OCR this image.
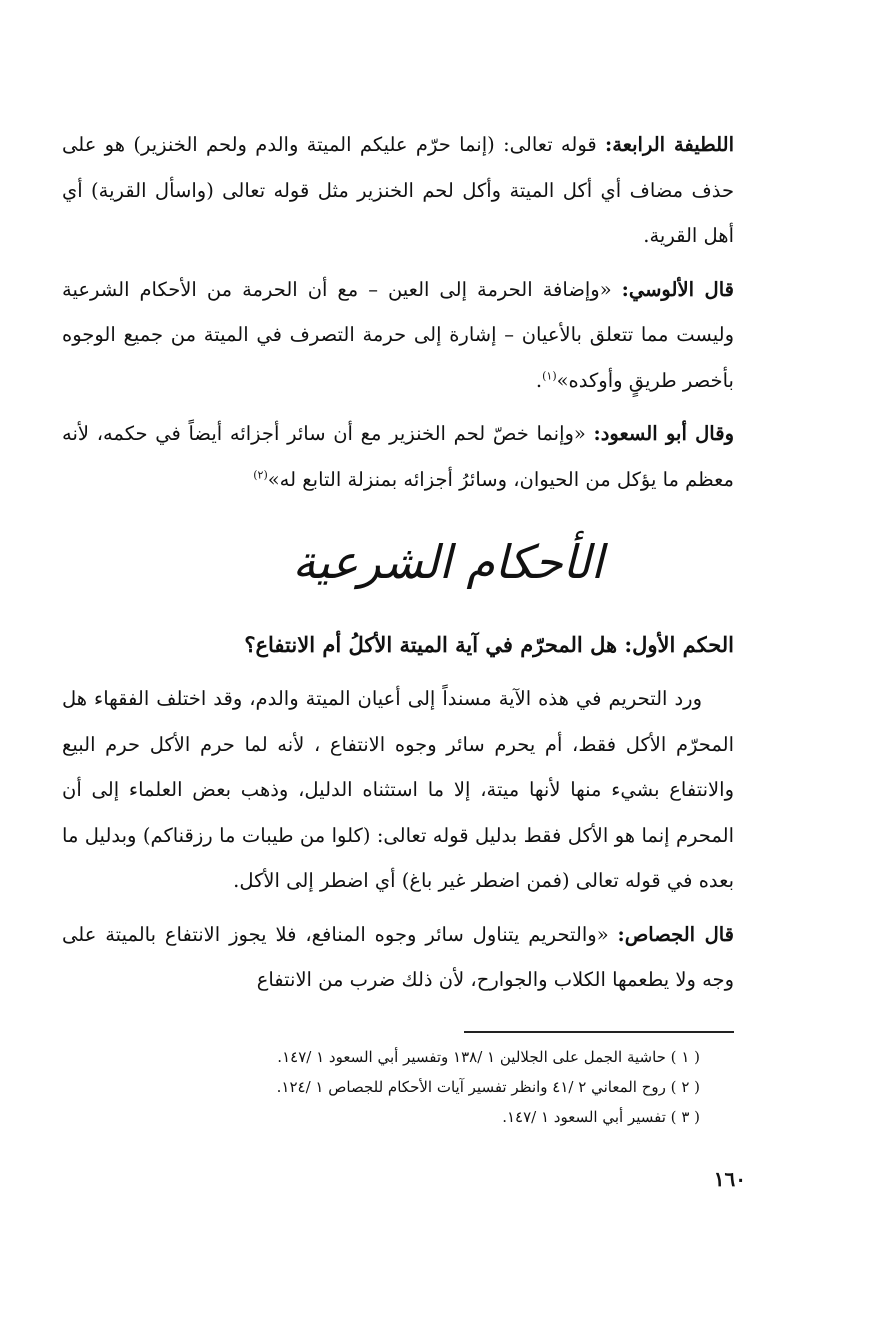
اللطيفة الرابعة: قوله تعالى: (إنما حرّم عليكم الميتة والدم ولحم الخنزير) هو على حذف مضاف أي أكل الميتة وأكل لحم الخنزير مثل قوله تعالى (واسأل القرية) أي أهل القرية.

قال الألوسي: «وإضافة الحرمة إلى العين – مع أن الحرمة من الأحكام الشرعية وليست مما تتعلق بالأعيان – إشارة إلى حرمة التصرف في الميتة من جميع الوجوه بأخصر طريقٍ وأوكده»$^{(١)}$.

وقال أبو السعود: «وإنما خصّ لحم الخنزير مع أن سائر أجزائه أيضاً في حكمه، لأنه معظم ما يؤكل من الحيوان، وسائرُ أجزائه بمنزلة التابع له»$^{(٢)}$

الأحكام الشرعية
الحكم الأول: هل المحرّم في آية الميتة الأكلُ أم الانتفاع؟

ورد التحريم في هذه الآية مسنداً إلى أعيان الميتة والدم، وقد اختلف الفقهاء هل المحرّم الأكل فقط، أم يحرم سائر وجوه الانتفاع ، لأنه لما حرم الأكل حرم البيع والانتفاع بشيء منها لأنها ميتة، إلا ما استثناه الدليل، وذهب بعض العلماء إلى أن المحرم إنما هو الأكل فقط بدليل قوله تعالى: (كلوا من طيبات ما رزقناكم) وبدليل ما بعده في قوله تعالى (فمن اضطر غير باغ) أي اضطر إلى الأكل.

قال الجصاص: «والتحريم يتناول سائر وجوه المنافع، فلا يجوز الانتفاع بالميتة على وجه ولا يطعمها الكلاب والجوارح، لأن ذلك ضرب من الانتفاع

( ١ ) حاشية الجمل على الجلالين ١ /١٣٨ وتفسير أبي السعود ١ /١٤٧.

( ٢ ) روح المعاني ٢ /٤١ وانظر تفسير آيات الأحكام للجصاص ١ /١٢٤.

( ٣ ) تفسير أبي السعود ١ /١٤٧.

١٦٠
